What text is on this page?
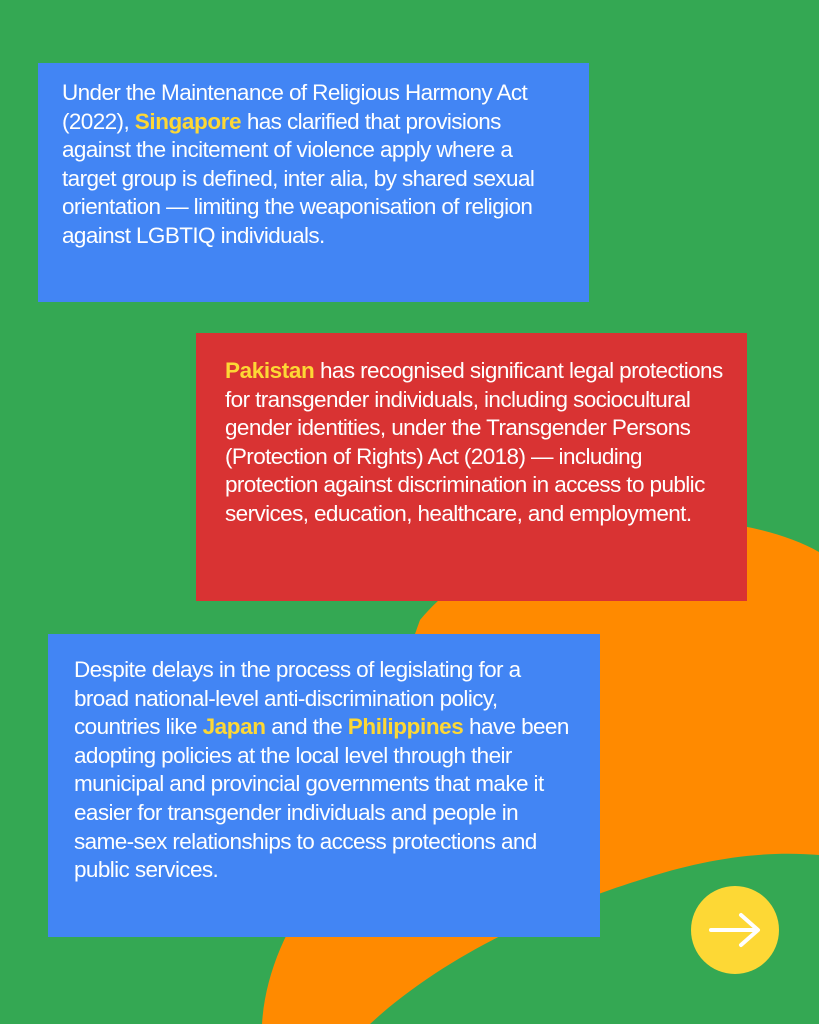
Under the Maintenance of Religious Harmony Act (2022), Singapore has clarified that provisions against the incitement of violence apply where a target group is defined, inter alia, by shared sexual orientation — limiting the weaponisation of religion against LGBTIQ individuals.
Pakistan has recognised significant legal protections for transgender individuals, including sociocultural gender identities, under the Transgender Persons (Protection of Rights) Act (2018) — including protection against discrimination in access to public services, education, healthcare, and employment.
Despite delays in the process of legislating for a broad national-level anti-discrimination policy, countries like Japan and the Philippines have been adopting policies at the local level through their municipal and provincial governments that make it easier for transgender individuals and people in same-sex relationships to access protections and public services.
